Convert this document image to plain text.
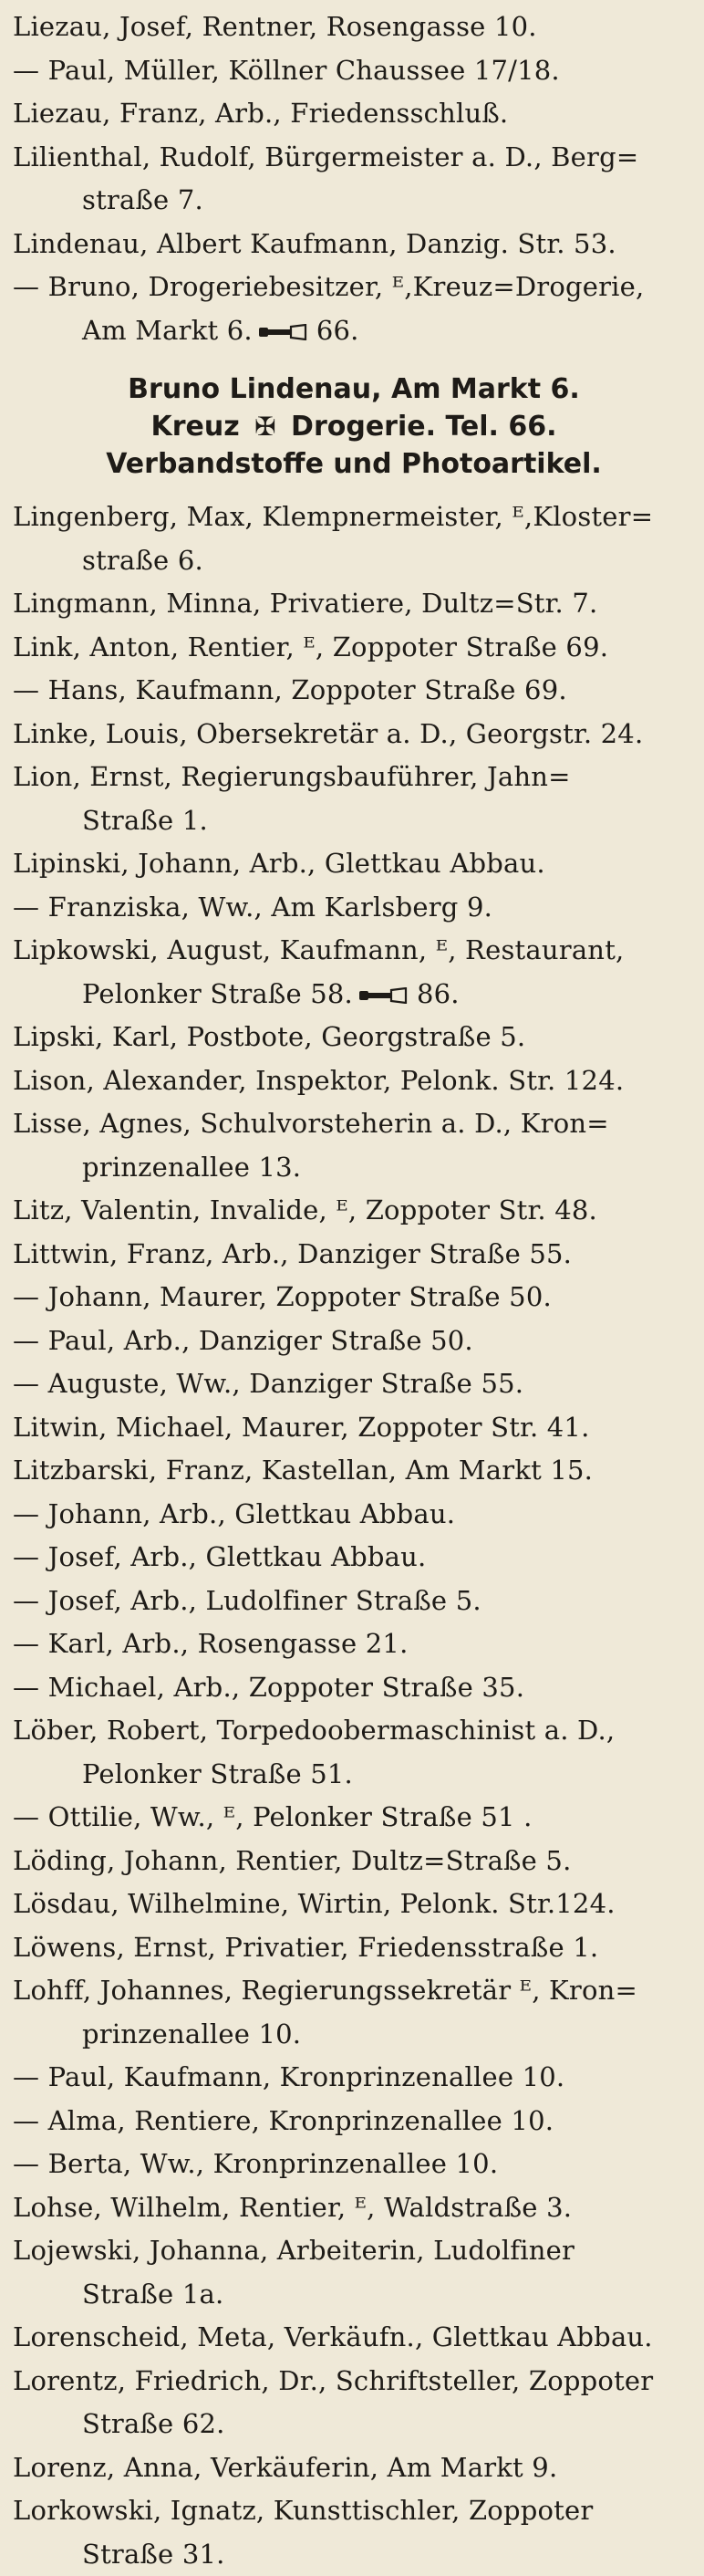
Liezau, Josef, Rentner, Rosengasse 10.
— Paul, Müller, Köllner Chaussee 17/18.
Liezau, Franz, Arb., Friedensschluß.
Lilienthal, Rudolf, Bürgermeister a. D., Berg=
straße 7.
Lindenau, Albert Kaufmann, Danzig. Str. 53.
— Bruno, Drogeriebesitzer, ᴱ,Kreuz=Drogerie,
Am Markt 6. 66.
Bruno Lindenau, Am Markt 6.
Kreuz ✠ Drogerie. Tel. 66.
Verbandstoffe und Photoartikel.
Lingenberg, Max, Klempnermeister, ᴱ,Kloster=
straße 6.
Lingmann, Minna, Privatiere, Dultz=Str. 7.
Link, Anton, Rentier, ᴱ, Zoppoter Straße 69.
— Hans, Kaufmann, Zoppoter Straße 69.
Linke, Louis, Obersekretär a. D., Georgstr. 24.
Lion, Ernst, Regierungsbauführer, Jahn=
Straße 1.
Lipinski, Johann, Arb., Glettkau Abbau.
— Franziska, Ww., Am Karlsberg 9.
Lipkowski, August, Kaufmann, ᴱ, Restaurant,
Pelonker Straße 58. 86.
Lipski, Karl, Postbote, Georgstraße 5.
Lison, Alexander, Inspektor, Pelonk. Str. 124.
Lisse, Agnes, Schulvorsteherin a. D., Kron=
prinzenallee 13.
Litz, Valentin, Invalide, ᴱ, Zoppoter Str. 48.
Littwin, Franz, Arb., Danziger Straße 55.
— Johann, Maurer, Zoppoter Straße 50.
— Paul, Arb., Danziger Straße 50.
— Auguste, Ww., Danziger Straße 55.
Litwin, Michael, Maurer, Zoppoter Str. 41.
Litzbarski, Franz, Kastellan, Am Markt 15.
— Johann, Arb., Glettkau Abbau.
— Josef, Arb., Glettkau Abbau.
— Josef, Arb., Ludolfiner Straße 5.
— Karl, Arb., Rosengasse 21.
— Michael, Arb., Zoppoter Straße 35.
Löber, Robert, Torpedoobermaschinist a. D.,
Pelonker Straße 51.
— Ottilie, Ww., ᴱ, Pelonker Straße 51 .
Löding, Johann, Rentier, Dultz=Straße 5.
Lösdau, Wilhelmine, Wirtin, Pelonk. Str.124.
Löwens, Ernst, Privatier, Friedensstraße 1.
Lohff, Johannes, Regierungssekretär ᴱ, Kron=
prinzenallee 10.
— Paul, Kaufmann, Kronprinzenallee 10.
— Alma, Rentiere, Kronprinzenallee 10.
— Berta, Ww., Kronprinzenallee 10.
Lohse, Wilhelm, Rentier, ᴱ, Waldstraße 3.
Lojewski, Johanna, Arbeiterin, Ludolfiner
Straße 1a.
Lorenscheid, Meta, Verkäufn., Glettkau Abbau.
Lorentz, Friedrich, Dr., Schriftsteller, Zoppoter
Straße 62.
Lorenz, Anna, Verkäuferin, Am Markt 9.
Lorkowski, Ignatz, Kunsttischler, Zoppoter
Straße 31.
